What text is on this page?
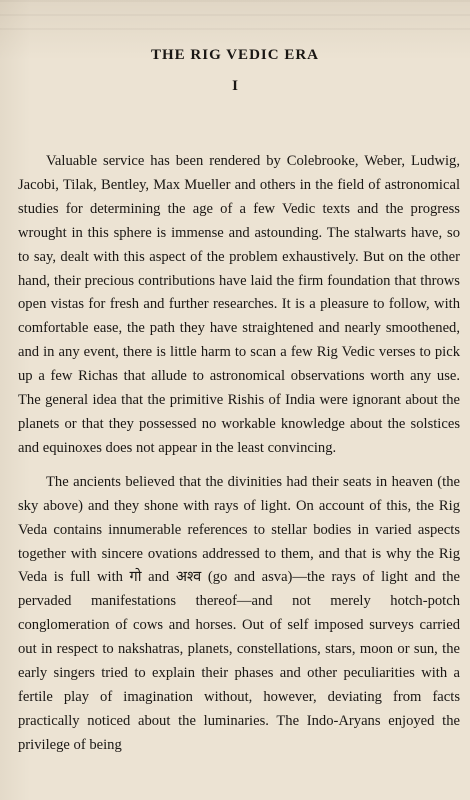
THE RIG VEDIC ERA
I

Valuable service has been rendered by Colebrooke, Weber, Ludwig, Jacobi, Tilak, Bentley, Max Mueller and others in the field of astronomical studies for determining the age of a few Vedic texts and the progress wrought in this sphere is immense and astounding. The stalwarts have, so to say, dealt with this aspect of the problem exhaustively. But on the other hand, their precious contributions have laid the firm foundation that throws open vistas for fresh and further researches. It is a pleasure to follow, with comfortable ease, the path they have straightened and nearly smoothened, and in any event, there is little harm to scan a few Rig Vedic verses to pick up a few Richas that allude to astronomical observations worth any use. The general idea that the primitive Rishis of India were ignorant about the planets or that they possessed no workable knowledge about the solstices and equinoxes does not appear in the least convincing.

The ancients believed that the divinities had their seats in heaven (the sky above) and they shone with rays of light. On account of this, the Rig Veda contains innumerable references to stellar bodies in varied aspects together with sincere ovations addressed to them, and that is why the Rig Veda is full with गो and अश्व (go and asva)—the rays of light and the pervaded manifestations thereof—and not merely hotch-potch conglomeration of cows and horses. Out of self imposed surveys carried out in respect to nakshatras, planets, constellations, stars, moon or sun, the early singers tried to explain their phases and other peculiarities with a fertile play of imagination without, however, deviating from facts practically noticed about the luminaries. The Indo-Aryans enjoyed the privilege of being
